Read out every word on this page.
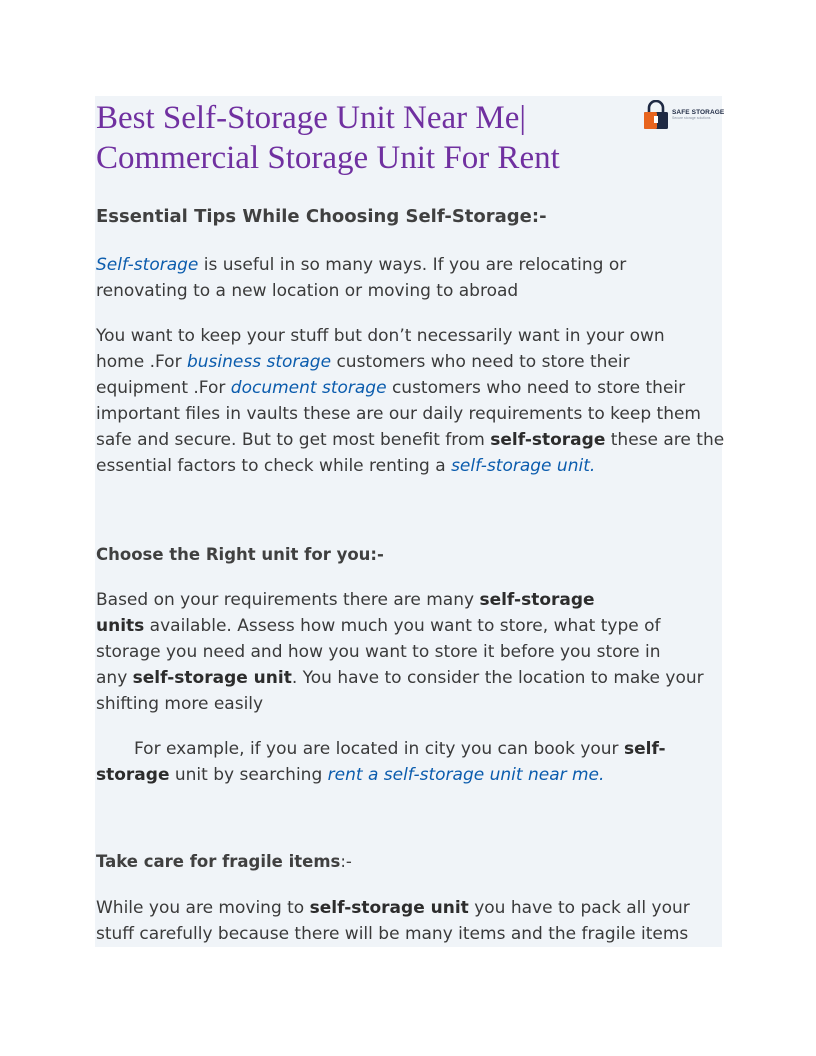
Best Self-Storage Unit Near Me|
Commercial Storage Unit For Rent
SAFE STORAGE
Secure storage solutions
Essential Tips While Choosing Self-Storage:-
Self-storage is useful in so many ways. If you are relocating or
renovating to a new location or moving to abroad
You want to keep your stuff but don’t necessarily want in your own
home .For business storage customers who need to store their
equipment .For document storage customers who need to store their
important files in vaults these are our daily requirements to keep them
safe and secure. But to get most benefit from self-storage these are the
essential factors to check while renting a self-storage unit.
Choose the Right unit for you:-
Based on your requirements there are many self-storage
units available. Assess how much you want to store, what type of
storage you need and how you want to store it before you store in
any self-storage unit. You have to consider the location to make your
shifting more easily
For example, if you are located in city you can book your self-
storage unit by searching rent a self-storage unit near me.
Take care for fragile items:-
While you are moving to self-storage unit you have to pack all your
stuff carefully because there will be many items and the fragile items
